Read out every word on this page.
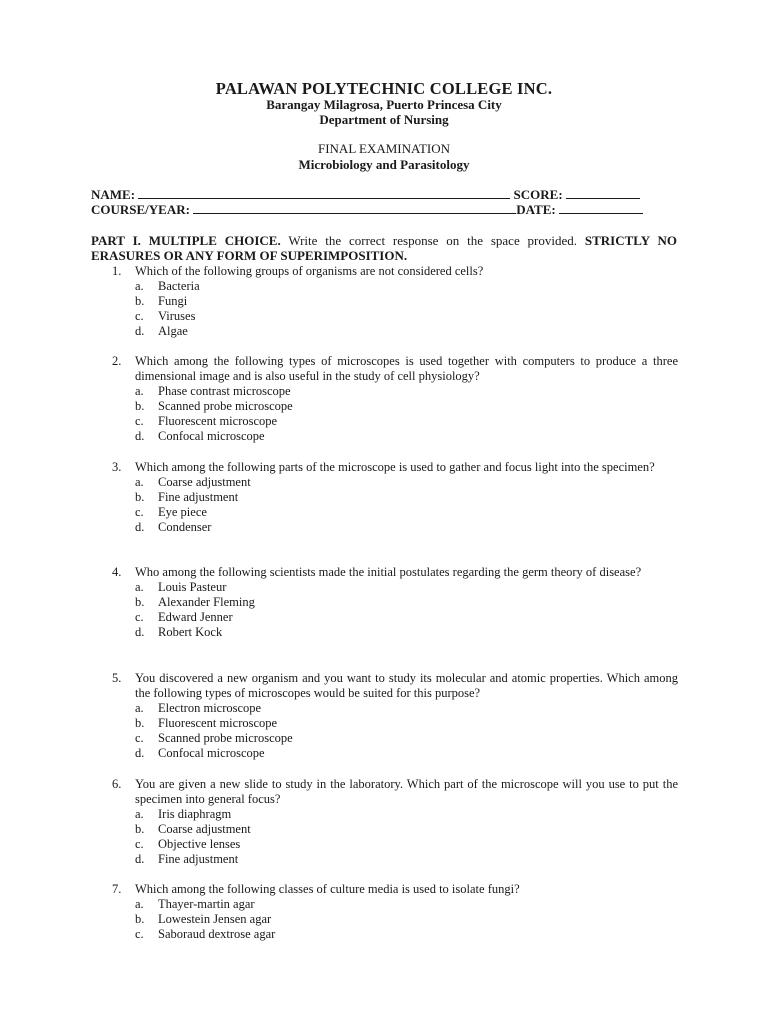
PALAWAN POLYTECHNIC COLLEGE INC.
Barangay Milagrosa, Puerto Princesa City
Department of Nursing
FINAL EXAMINATION
Microbiology and Parasitology
NAME:	SCORE:
COURSE/YEAR:	DATE:
PART I. MULTIPLE CHOICE. Write the correct response on the space provided. STRICTLY NO ERASURES OR ANY FORM OF SUPERIMPOSITION.
1. Which of the following groups of organisms are not considered cells?
a. Bacteria
b. Fungi
c. Viruses
d. Algae
2. Which among the following types of microscopes is used together with computers to produce a three dimensional image and is also useful in the study of cell physiology?
a. Phase contrast microscope
b. Scanned probe microscope
c. Fluorescent microscope
d. Confocal microscope
3. Which among the following parts of the microscope is used to gather and focus light into the specimen?
a. Coarse adjustment
b. Fine adjustment
c. Eye piece
d. Condenser
4. Who among the following scientists made the initial postulates regarding the germ theory of disease?
a. Louis Pasteur
b. Alexander Fleming
c. Edward Jenner
d. Robert Kock
5. You discovered a new organism and you want to study its molecular and atomic properties. Which among the following types of microscopes would be suited for this purpose?
a. Electron microscope
b. Fluorescent microscope
c. Scanned probe microscope
d. Confocal microscope
6. You are given a new slide to study in the laboratory. Which part of the microscope will you use to put the specimen into general focus?
a. Iris diaphragm
b. Coarse adjustment
c. Objective lenses
d. Fine adjustment
7. Which among the following classes of culture media is used to isolate fungi?
a. Thayer-martin agar
b. Lowestein Jensen agar
c. Saboraud dextrose agar
